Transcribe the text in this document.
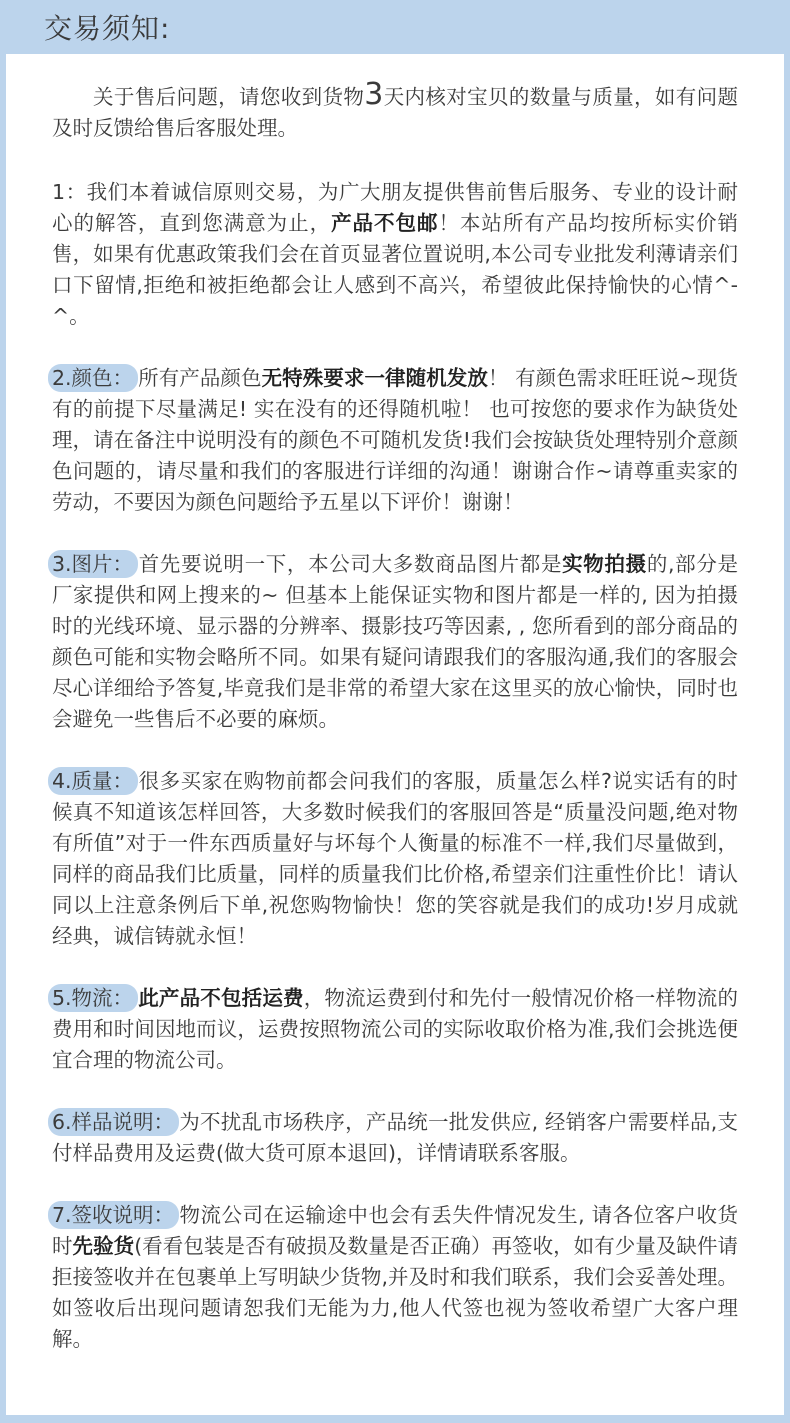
交易须知:

关于售后问题，请您收到货物3天内核对宝贝的数量与质量，如有问题及时反馈给售后客服处理。

1：我们本着诚信原则交易，为广大朋友提供售前售后服务、专业的设计耐心的解答，直到您满意为止，产品不包邮！本站所有产品均按所标实价销售，如果有优惠政策我们会在首页显著位置说明,本公司专业批发利薄请亲们口下留情,拒绝和被拒绝都会让人感到不高兴，希望彼此保持愉快的心情^-^。

2.颜色： 所有产品颜色无特殊要求一律随机发放！ 有颜色需求旺旺说~现货有的前提下尽量满足! 实在没有的还得随机啦！ 也可按您的要求作为缺货处理，请在备注中说明没有的颜色不可随机发货!我们会按缺货处理特别介意颜色问题的，请尽量和我们的客服进行详细的沟通！谢谢合作~请尊重卖家的劳动，不要因为颜色问题给予五星以下评价！谢谢！

3.图片： 首先要说明一下，本公司大多数商品图片都是实物拍摄的,部分是厂家提供和网上搜来的~ 但基本上能保证实物和图片都是一样的, 因为拍摄时的光线环境、显示器的分辨率、摄影技巧等因素, , 您所看到的部分商品的颜色可能和实物会略所不同。如果有疑问请跟我们的客服沟通,我们的客服会尽心详细给予答复,毕竟我们是非常的希望大家在这里买的放心愉快，同时也会避免一些售后不必要的麻烦。

4.质量： 很多买家在购物前都会问我们的客服，质量怎么样?说实话有的时候真不知道该怎样回答，大多数时候我们的客服回答是“质量没问题,绝对物有所值”对于一件东西质量好与坏每个人衡量的标准不一样,我们尽量做到，同样的商品我们比质量，同样的质量我们比价格,希望亲们注重性价比！请认同以上注意条例后下单,祝您购物愉快！您的笑容就是我们的成功!岁月成就经典，诚信铸就永恒！

5.物流： 此产品不包括运费，物流运费到付和先付一般情况价格一样物流的费用和时间因地而议，运费按照物流公司的实际收取价格为准,我们会挑选便宜合理的物流公司。

6.样品说明： 为不扰乱市场秩序，产品统一批发供应, 经销客户需要样品,支付样品费用及运费(做大货可原本退回)，详情请联系客服。

7.签收说明： 物流公司在运输途中也会有丢失件情况发生, 请各位客户收货时先验货(看看包装是否有破损及数量是否正确）再签收，如有少量及缺件请拒接签收并在包裹单上写明缺少货物,并及时和我们联系，我们会妥善处理。如签收后出现问题请恕我们无能为力,他人代签也视为签收希望广大客户理解。
